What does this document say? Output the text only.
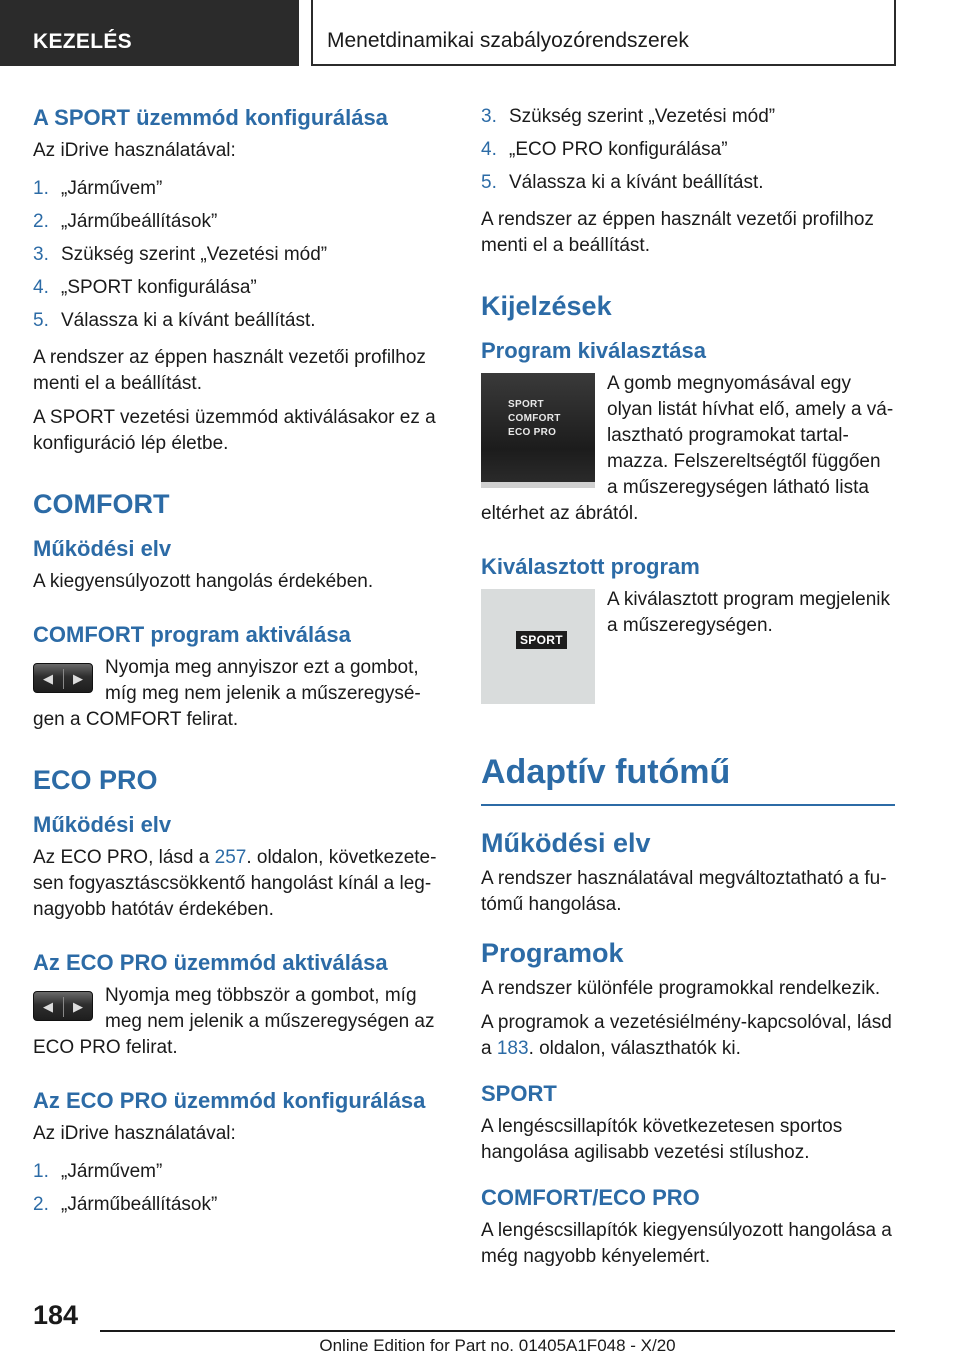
KEZELÉS	Menetdinamikai szabályozórendszerek
A SPORT üzemmód konfigurálása

Az iDrive használatával:

1. „Járművem”
2. „Járműbeállítások”
3. Szükség szerint „Vezetési mód”
4. „SPORT konfigurálása”
5. Válassza ki a kívánt beállítást.

A rendszer az éppen használt vezetői profilhoz menti el a beállítást.

A SPORT vezetési üzemmód aktiválásakor ez a konfiguráció lép életbe.

COMFORT
Működési elv

A kiegyensúlyozott hangolás érdekében.

COMFORT program aktiválása
◀ ▶

Nyomja meg annyiszor ezt a gombot, míg meg nem jelenik a műszeregységen a COMFORT felirat.

ECO PRO
Működési elv

Az ECO PRO, lásd a 257. oldalon, következetesen fogyasztáscsökkentő hangolást kínál a legnagyobb hatótáv érdekében.

Az ECO PRO üzemmód aktiválása
◀ ▶

Nyomja meg többször a gombot, míg meg nem jelenik a műszeregységen az ECO PRO felirat.

Az ECO PRO üzemmód konfigurálása

Az iDrive használatával:

1. „Járművem”
2. „Járműbeállítások”
3. Szükség szerint „Vezetési mód”
4. „ECO PRO konfigurálása”
5. Válassza ki a kívánt beállítást.

A rendszer az éppen használt vezetői profilhoz menti el a beállítást.

Kijelzések
Program kiválasztása
SPORT
COMFORT
ECO PRO

A gomb megnyomásával egy olyan listát hívhat elő, amely a választható programokat tartalmazza. Felszereltségtől függően a műszeregységen látható lista eltérhet az ábrától.

Kiválasztott program
SPORT

A kiválasztott program megjelenik a műszeregységen.

Adaptív futómű
Működési elv

A rendszer használatával megváltoztatható a futómű hangolása.

Programok

A rendszer különféle programokkal rendelkezik.

A programok a vezetésiélmény-kapcsolóval, lásd a 183. oldalon, választhatók ki.

SPORT

A lengéscsillapítók következetesen sportos hangolása agilisabb vezetési stílushoz.

COMFORT/ECO PRO

A lengéscsillapítók kiegyensúlyozott hangolása a még nagyobb kényelemért.

184
Online Edition for Part no. 01405A1F048 - X/20
